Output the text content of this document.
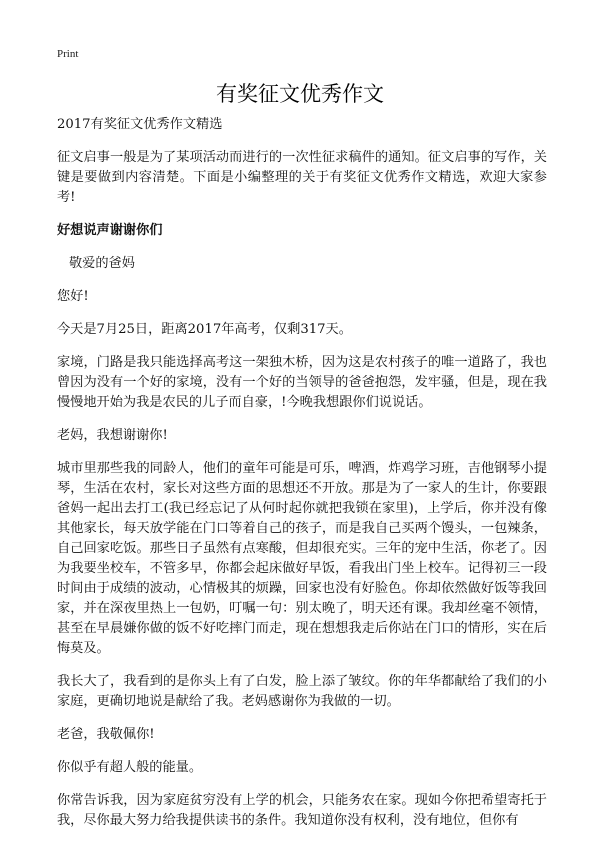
Print
有奖征文优秀作文

2017有奖征文优秀作文精选

征文启事一般是为了某项活动而进行的一次性征求稿件的通知。征文启事的写作，关键是要做到内容清楚。下面是小编整理的关于有奖征文优秀作文精选，欢迎大家参考!

好想说声谢谢你们

敬爱的爸妈

您好!

今天是7月25日，距离2017年高考，仅剩317天。

家境，门路是我只能选择高考这一架独木桥，因为这是农村孩子的唯一道路了，我也曾因为没有一个好的家境，没有一个好的当领导的爸爸抱怨，发牢骚，但是，现在我慢慢地开始为我是农民的儿子而自豪，!今晚我想跟你们说说话。

老妈，我想谢谢你!

城市里那些我的同龄人，他们的童年可能是可乐，啤酒，炸鸡学习班，吉他钢琴小提琴，生活在农村，家长对这些方面的思想还不开放。那是为了一家人的生计，你要跟爸妈一起出去打工(我已经忘记了从何时起你就把我锁在家里)，上学后，你并没有像其他家长，每天放学能在门口等着自己的孩子，而是我自己买两个馒头，一包辣条，自己回家吃饭。那些日子虽然有点寒酸，但却很充实。三年的宠中生活，你老了。因为我要坐校车，不管多早，你都会起床做好早饭，看我出门坐上校车。记得初三一段时间由于成绩的波动，心情极其的烦躁，回家也没有好脸色。你却依然做好饭等我回家，并在深夜里热上一包奶，叮嘱一句：别太晚了，明天还有课。我却丝毫不领情，甚至在早晨嫌你做的饭不好吃摔门而走，现在想想我走后你站在门口的情形，实在后悔莫及。

我长大了，我看到的是你头上有了白发，脸上添了皱纹。你的年华都献给了我们的小家庭，更确切地说是献给了我。老妈感谢你为我做的一切。

老爸，我敬佩你!

你似乎有超人般的能量。

你常告诉我，因为家庭贫穷没有上学的机会，只能务农在家。现如今你把希望寄托于我，尽你最大努力给我提供读书的条件。我知道你没有权利，没有地位，但你有
